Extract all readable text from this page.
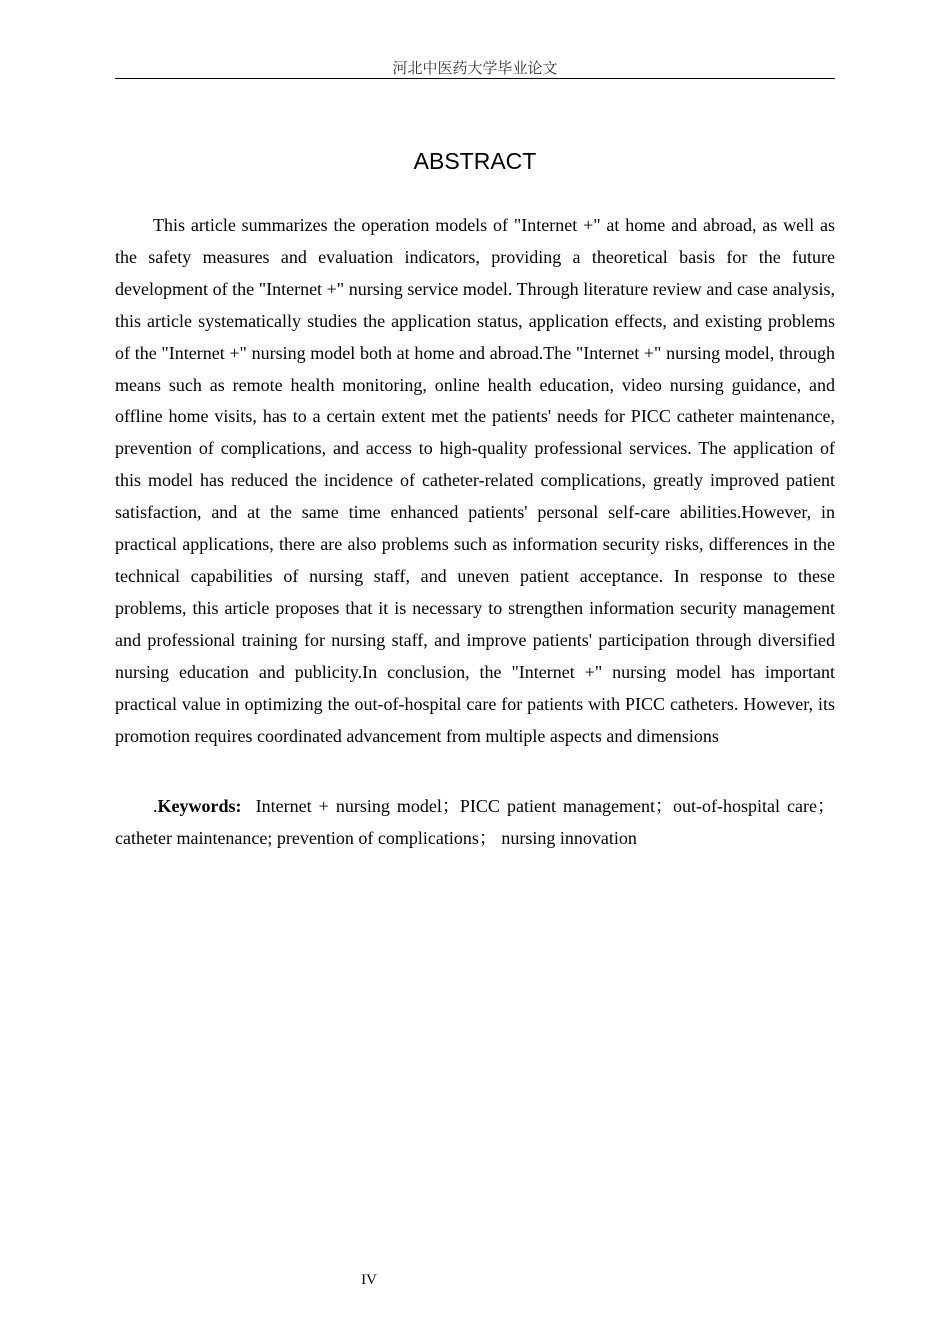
河北中医药大学毕业论文
ABSTRACT

This article summarizes the operation models of "Internet +" at home and abroad, as well as the safety measures and evaluation indicators, providing a theoretical basis for the future development of the "Internet +" nursing service model. Through literature review and case analysis, this article systematically studies the application status, application effects, and existing problems of the "Internet +" nursing model both at home and abroad.The "Internet +" nursing model, through means such as remote health monitoring, online health education, video nursing guidance, and offline home visits, has to a certain extent met the patients' needs for PICC catheter maintenance, prevention of complications, and access to high-quality professional services. The application of this model has reduced the incidence of catheter-related complications, greatly improved patient satisfaction, and at the same time enhanced patients' personal self-care abilities.However, in practical applications, there are also problems such as information security risks, differences in the technical capabilities of nursing staff, and uneven patient acceptance. In response to these problems, this article proposes that it is necessary to strengthen information security management and professional training for nursing staff, and improve patients' participation through diversified nursing education and publicity.In conclusion, the "Internet +" nursing model has important practical value in optimizing the out-of-hospital care for patients with PICC catheters. However, its promotion requires coordinated advancement from multiple aspects and dimensions

.Keywords: Internet + nursing model；PICC patient management；out-of-hospital care；catheter maintenance; prevention of complications； nursing innovation

IV
